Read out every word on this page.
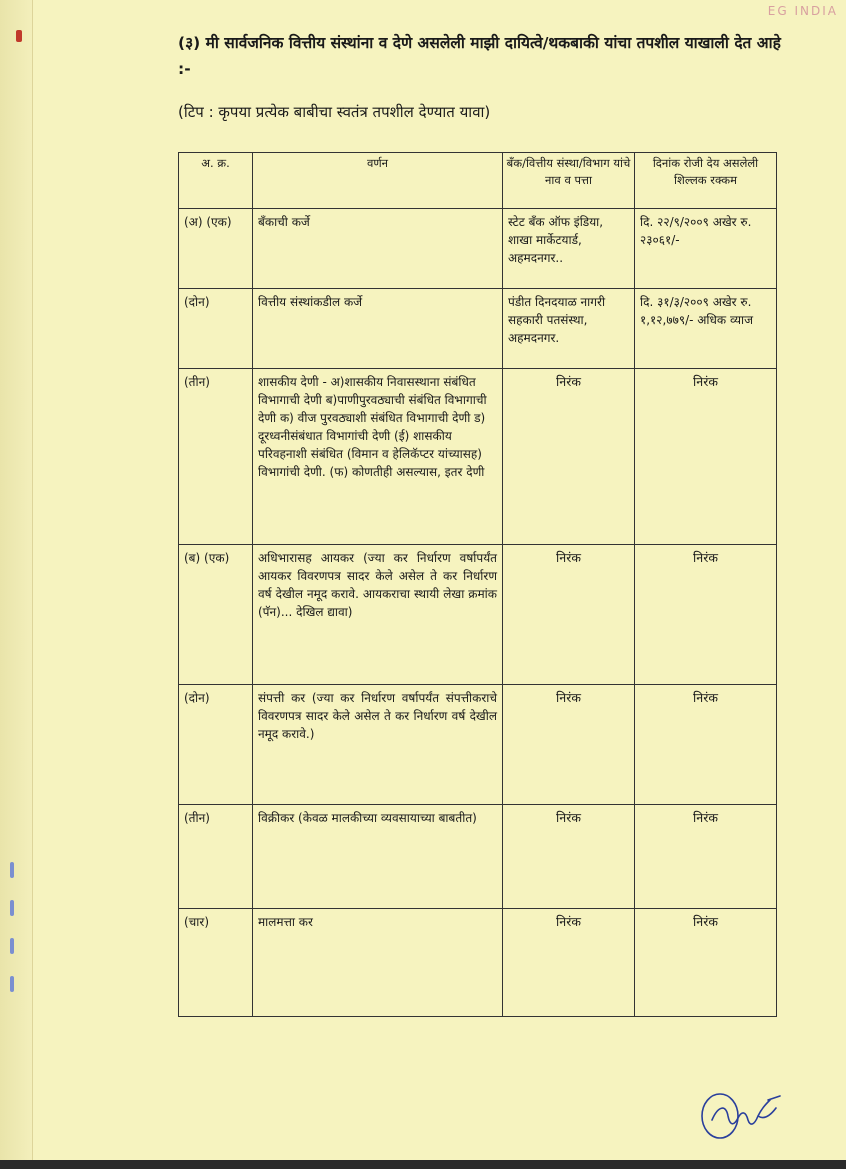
EG INDIA
(३) मी सार्वजनिक वित्तीय संस्थांना व देणे असलेली माझी दायित्वे/थकबाकी यांचा तपशील याखाली देत आहे :-
(टिप : कृपया प्रत्येक बाबीचा स्वतंत्र तपशील देण्यात यावा)
अ. क्र.	वर्णन	बँक/वित्तीय संस्था/विभाग यांचे नाव व पत्ता	दिनांक रोजी देय असलेली शिल्लक रक्कम
(अ) (एक)	बँकाची कर्जे	स्टेट बँक ऑफ इंडिया, शाखा मार्केटयार्ड, अहमदनगर..	दि. २२/९/२००९ अखेर रु. २३०६१/-
(दोन)	वित्तीय संस्थांकडील कर्जे	पंडीत दिनदयाळ नागरी सहकारी पतसंस्था, अहमदनगर.	दि. ३१/३/२००९ अखेर रु. १,१२,७७९/- अधिक व्याज
(तीन)	शासकीय देणी - अ)शासकीय निवासस्थाना संबंधित विभागाची देणी ब)पाणीपुरवठ्याची संबंधित विभागाची देणी क) वीज पुरवठ्याशी संबंधित विभागाची देणी ड) दूरध्वनीसंबंधात विभागांची देणी (ई) शासकीय परिवहनाशी संबंधित (विमान व हेलिकॅप्टर यांच्यासह) विभागांची देणी. (फ) कोणतीही असल्यास, इतर देणी	निरंक	निरंक
(ब) (एक)	अधिभारासह आयकर (ज्या कर निर्धारण वर्षापर्यंत आयकर विवरणपत्र सादर केले असेल ते कर निर्धारण वर्ष देखील नमूद करावे. आयकराचा स्थायी लेखा क्रमांक (पॅन)... देखिल द्यावा)	निरंक	निरंक
(दोन)	संपत्ती कर (ज्या कर निर्धारण वर्षापर्यंत संपत्तीकराचे विवरणपत्र सादर केले असेल ते कर निर्धारण वर्ष देखील नमूद करावे.)	निरंक	निरंक
(तीन)	विक्रीकर (केवळ मालकीच्या व्यवसायाच्या बाबतीत)	निरंक	निरंक
(चार)	मालमत्ता कर	निरंक	निरंक
